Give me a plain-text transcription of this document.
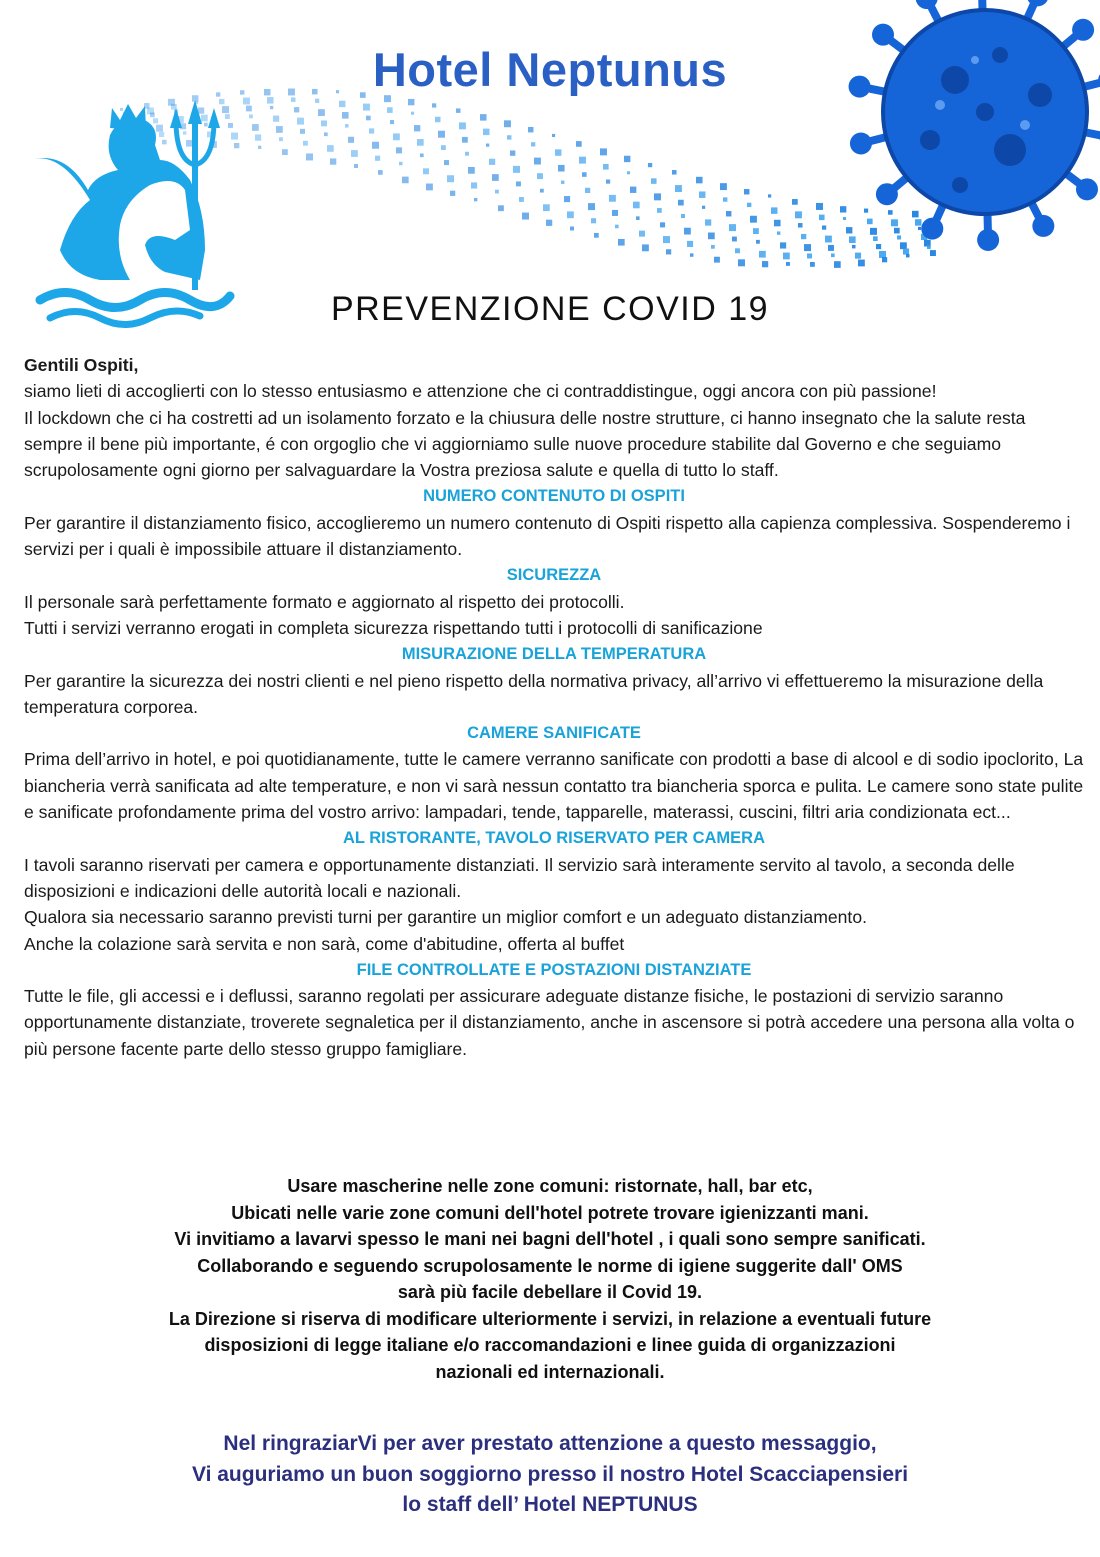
Hotel Neptunus
PREVENZIONE COVID 19

Gentili Ospiti,

siamo lieti di accoglierti con lo stesso entusiasmo e attenzione che ci contraddistingue, oggi ancora con più passione!

Il lockdown che ci ha costretti ad un isolamento forzato e la chiusura delle nostre strutture, ci hanno insegnato che la salute resta sempre il bene più importante, é con orgoglio che vi aggiorniamo sulle nuove procedure stabilite dal Governo e che seguiamo scrupolosamente ogni giorno per salvaguardare la Vostra preziosa salute e quella di tutto lo staff.

NUMERO CONTENUTO DI OSPITI

Per garantire il distanziamento fisico, accoglieremo un numero contenuto di Ospiti rispetto alla capienza complessiva. Sospenderemo i servizi per i quali è impossibile attuare il distanziamento.

SICUREZZA

Il personale sarà perfettamente formato e aggiornato al rispetto dei protocolli.

Tutti i servizi verranno erogati in completa sicurezza rispettando tutti i protocolli di sanificazione

MISURAZIONE DELLA TEMPERATURA

Per garantire la sicurezza dei nostri clienti e nel pieno rispetto della normativa privacy, all’arrivo vi effettueremo la misurazione della temperatura corporea.

CAMERE SANIFICATE

Prima dell’arrivo in hotel, e poi quotidianamente, tutte le camere verranno sanificate con prodotti a base di alcool e di sodio ipoclorito, La biancheria verrà sanificata ad alte temperature, e non vi sarà nessun contatto tra biancheria sporca e pulita. Le camere sono state pulite e sanificate profondamente prima del vostro arrivo: lampadari, tende, tapparelle, materassi, cuscini, filtri aria condizionata ect...

AL RISTORANTE, TAVOLO RISERVATO PER CAMERA

I tavoli saranno riservati per camera e opportunamente distanziati. Il servizio sarà interamente servito al tavolo, a seconda delle disposizioni e indicazioni delle autorità locali e nazionali.

Qualora sia necessario saranno previsti turni per garantire un miglior comfort e un adeguato distanziamento.

Anche la colazione sarà servita e non sarà, come d'abitudine, offerta al buffet

FILE CONTROLLATE E POSTAZIONI DISTANZIATE

Tutte le file, gli accessi e i deflussi, saranno regolati per assicurare adeguate distanze fisiche, le postazioni di servizio saranno opportunamente distanziate, troverete segnaletica per il distanziamento, anche in ascensore si potrà accedere una persona alla volta o più persone facente parte dello stesso gruppo famigliare.

Usare mascherine nelle zone comuni: ristornate, hall, bar etc,

Ubicati nelle varie zone comuni dell'hotel potrete trovare igienizzanti mani.

Vi invitiamo a lavarvi spesso le mani nei bagni dell'hotel , i quali sono sempre sanificati.

Collaborando e seguendo scrupolosamente le norme di igiene suggerite dall' OMS

sarà più facile debellare il Covid 19.

La Direzione si riserva di modificare ulteriormente i servizi, in relazione a eventuali future

disposizioni di legge italiane e/o raccomandazioni e linee guida di organizzazioni

nazionali ed internazionali.

Nel ringraziarVi per aver prestato attenzione a questo messaggio,

Vi auguriamo un buon soggiorno presso il nostro Hotel Scacciapensieri

lo staff dell’ Hotel NEPTUNUS
